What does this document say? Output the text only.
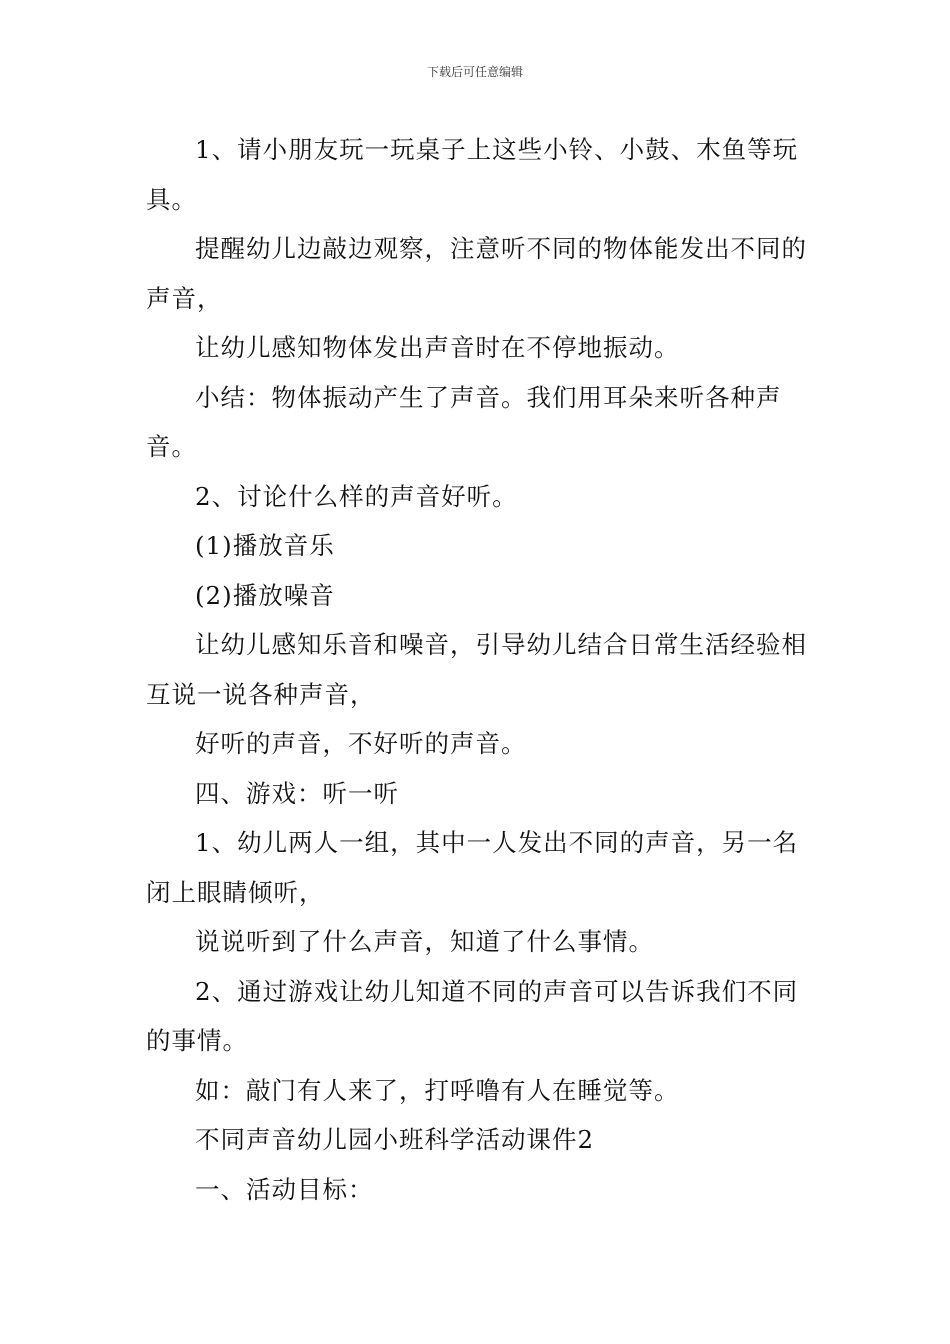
下载后可任意编辑

1、请小朋友玩一玩桌子上这些小铃、小鼓、木鱼等玩具。

提醒幼儿边敲边观察，注意听不同的物体能发出不同的声音，

让幼儿感知物体发出声音时在不停地振动。

小结：物体振动产生了声音。我们用耳朵来听各种声音。

2、讨论什么样的声音好听。

(1)播放音乐

(2)播放噪音

让幼儿感知乐音和噪音，引导幼儿结合日常生活经验相互说一说各种声音，

好听的声音，不好听的声音。

四、游戏：听一听

1、幼儿两人一组，其中一人发出不同的声音，另一名闭上眼睛倾听，

说说听到了什么声音，知道了什么事情。

2、通过游戏让幼儿知道不同的声音可以告诉我们不同的事情。

如：敲门有人来了，打呼噜有人在睡觉等。

不同声音幼儿园小班科学活动课件2

一、活动目标：
